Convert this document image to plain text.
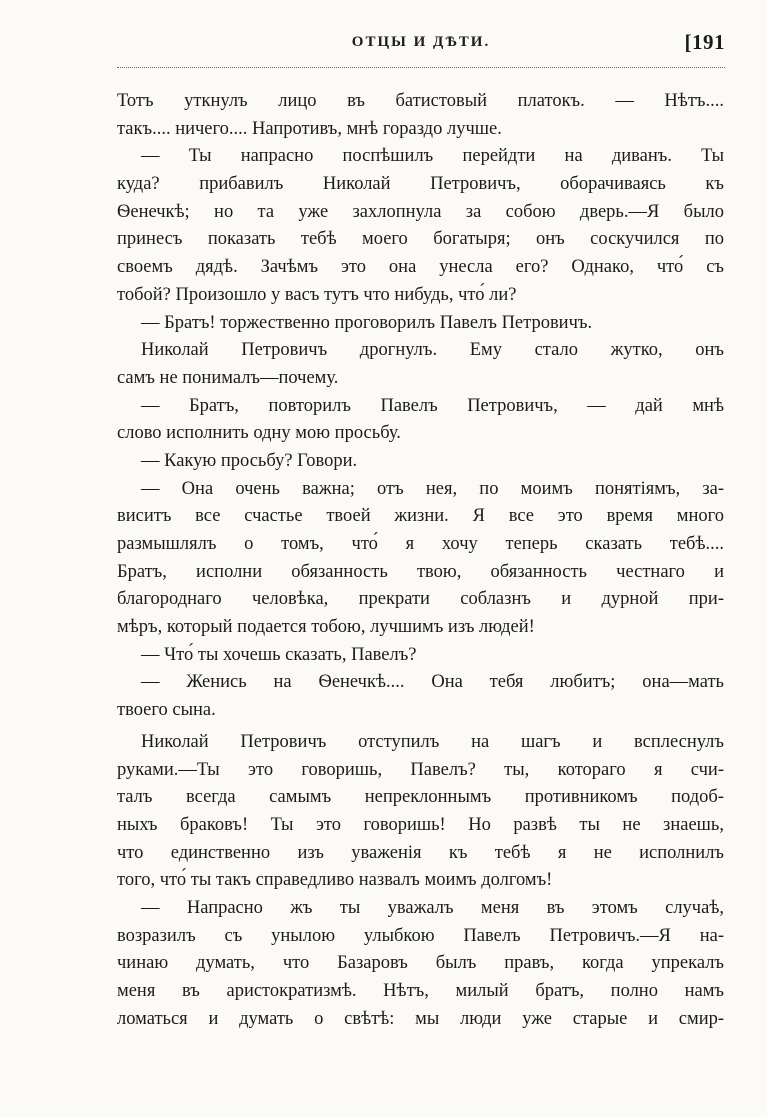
ОТЦЫ И ДѢТИ.	[191
Тотъ уткнулъ лицо въ батистовый платокъ. — Нѣтъ....
такъ.... ничего.... Напротивъ, мнѣ гораздо лучше.
— Ты напрасно поспѣшилъ перейдти на диванъ. Ты
куда? прибавилъ Николай Петровичъ, оборачиваясь къ
Ѳенечкѣ; но та уже захлопнула за собою дверь.—Я было
принесъ показать тебѣ моего богатыря; онъ соскучился по
своемъ дядѣ. Зачѣмъ это она унесла его? Однако, что́ съ
тобой? Произошло у васъ тутъ что нибудь, что́ ли?
— Братъ! торжественно проговорилъ Павелъ Петровичъ.
Николай Петровичъ дрогнулъ. Ему стало жутко, онъ
самъ не понималъ—почему.
— Братъ, повторилъ Павелъ Петровичъ, — дай мнѣ
слово исполнить одну мою просьбу.
— Какую просьбу? Говори.
— Она очень важна; отъ нея, по моимъ понятіямъ, за-
виситъ все счастье твоей жизни. Я все это время много
размышлялъ о томъ, что́ я хочу теперь сказать тебѣ....
Братъ, исполни обязанность твою, обязанность честнаго и
благороднаго человѣка, прекрати соблазнъ и дурной при-
мѣръ, который подается тобою, лучшимъ изъ людей!
— Что́ ты хочешь сказать, Павелъ?
— Женись на Ѳенечкѣ.... Она тебя любитъ; она—мать
твоего сына.
Николай Петровичъ отступилъ на шагъ и всплеснулъ
руками.—Ты это говоришь, Павелъ? ты, котораго я счи-
талъ всегда самымъ непреклоннымъ противникомъ подоб-
ныхъ браковъ! Ты это говоришь! Но развѣ ты не знаешь,
что единственно изъ уваженія къ тебѣ я не исполнилъ
того, что́ ты такъ справедливо назвалъ моимъ долгомъ!
— Напрасно жъ ты уважалъ меня въ этомъ случаѣ,
возразилъ съ унылою улыбкою Павелъ Петровичъ.—Я на-
чинаю думать, что Базаровъ былъ правъ, когда упрекалъ
меня въ аристократизмѣ. Нѣтъ, милый братъ, полно намъ
ломаться и думать о свѣтѣ: мы люди уже старые и смир-
